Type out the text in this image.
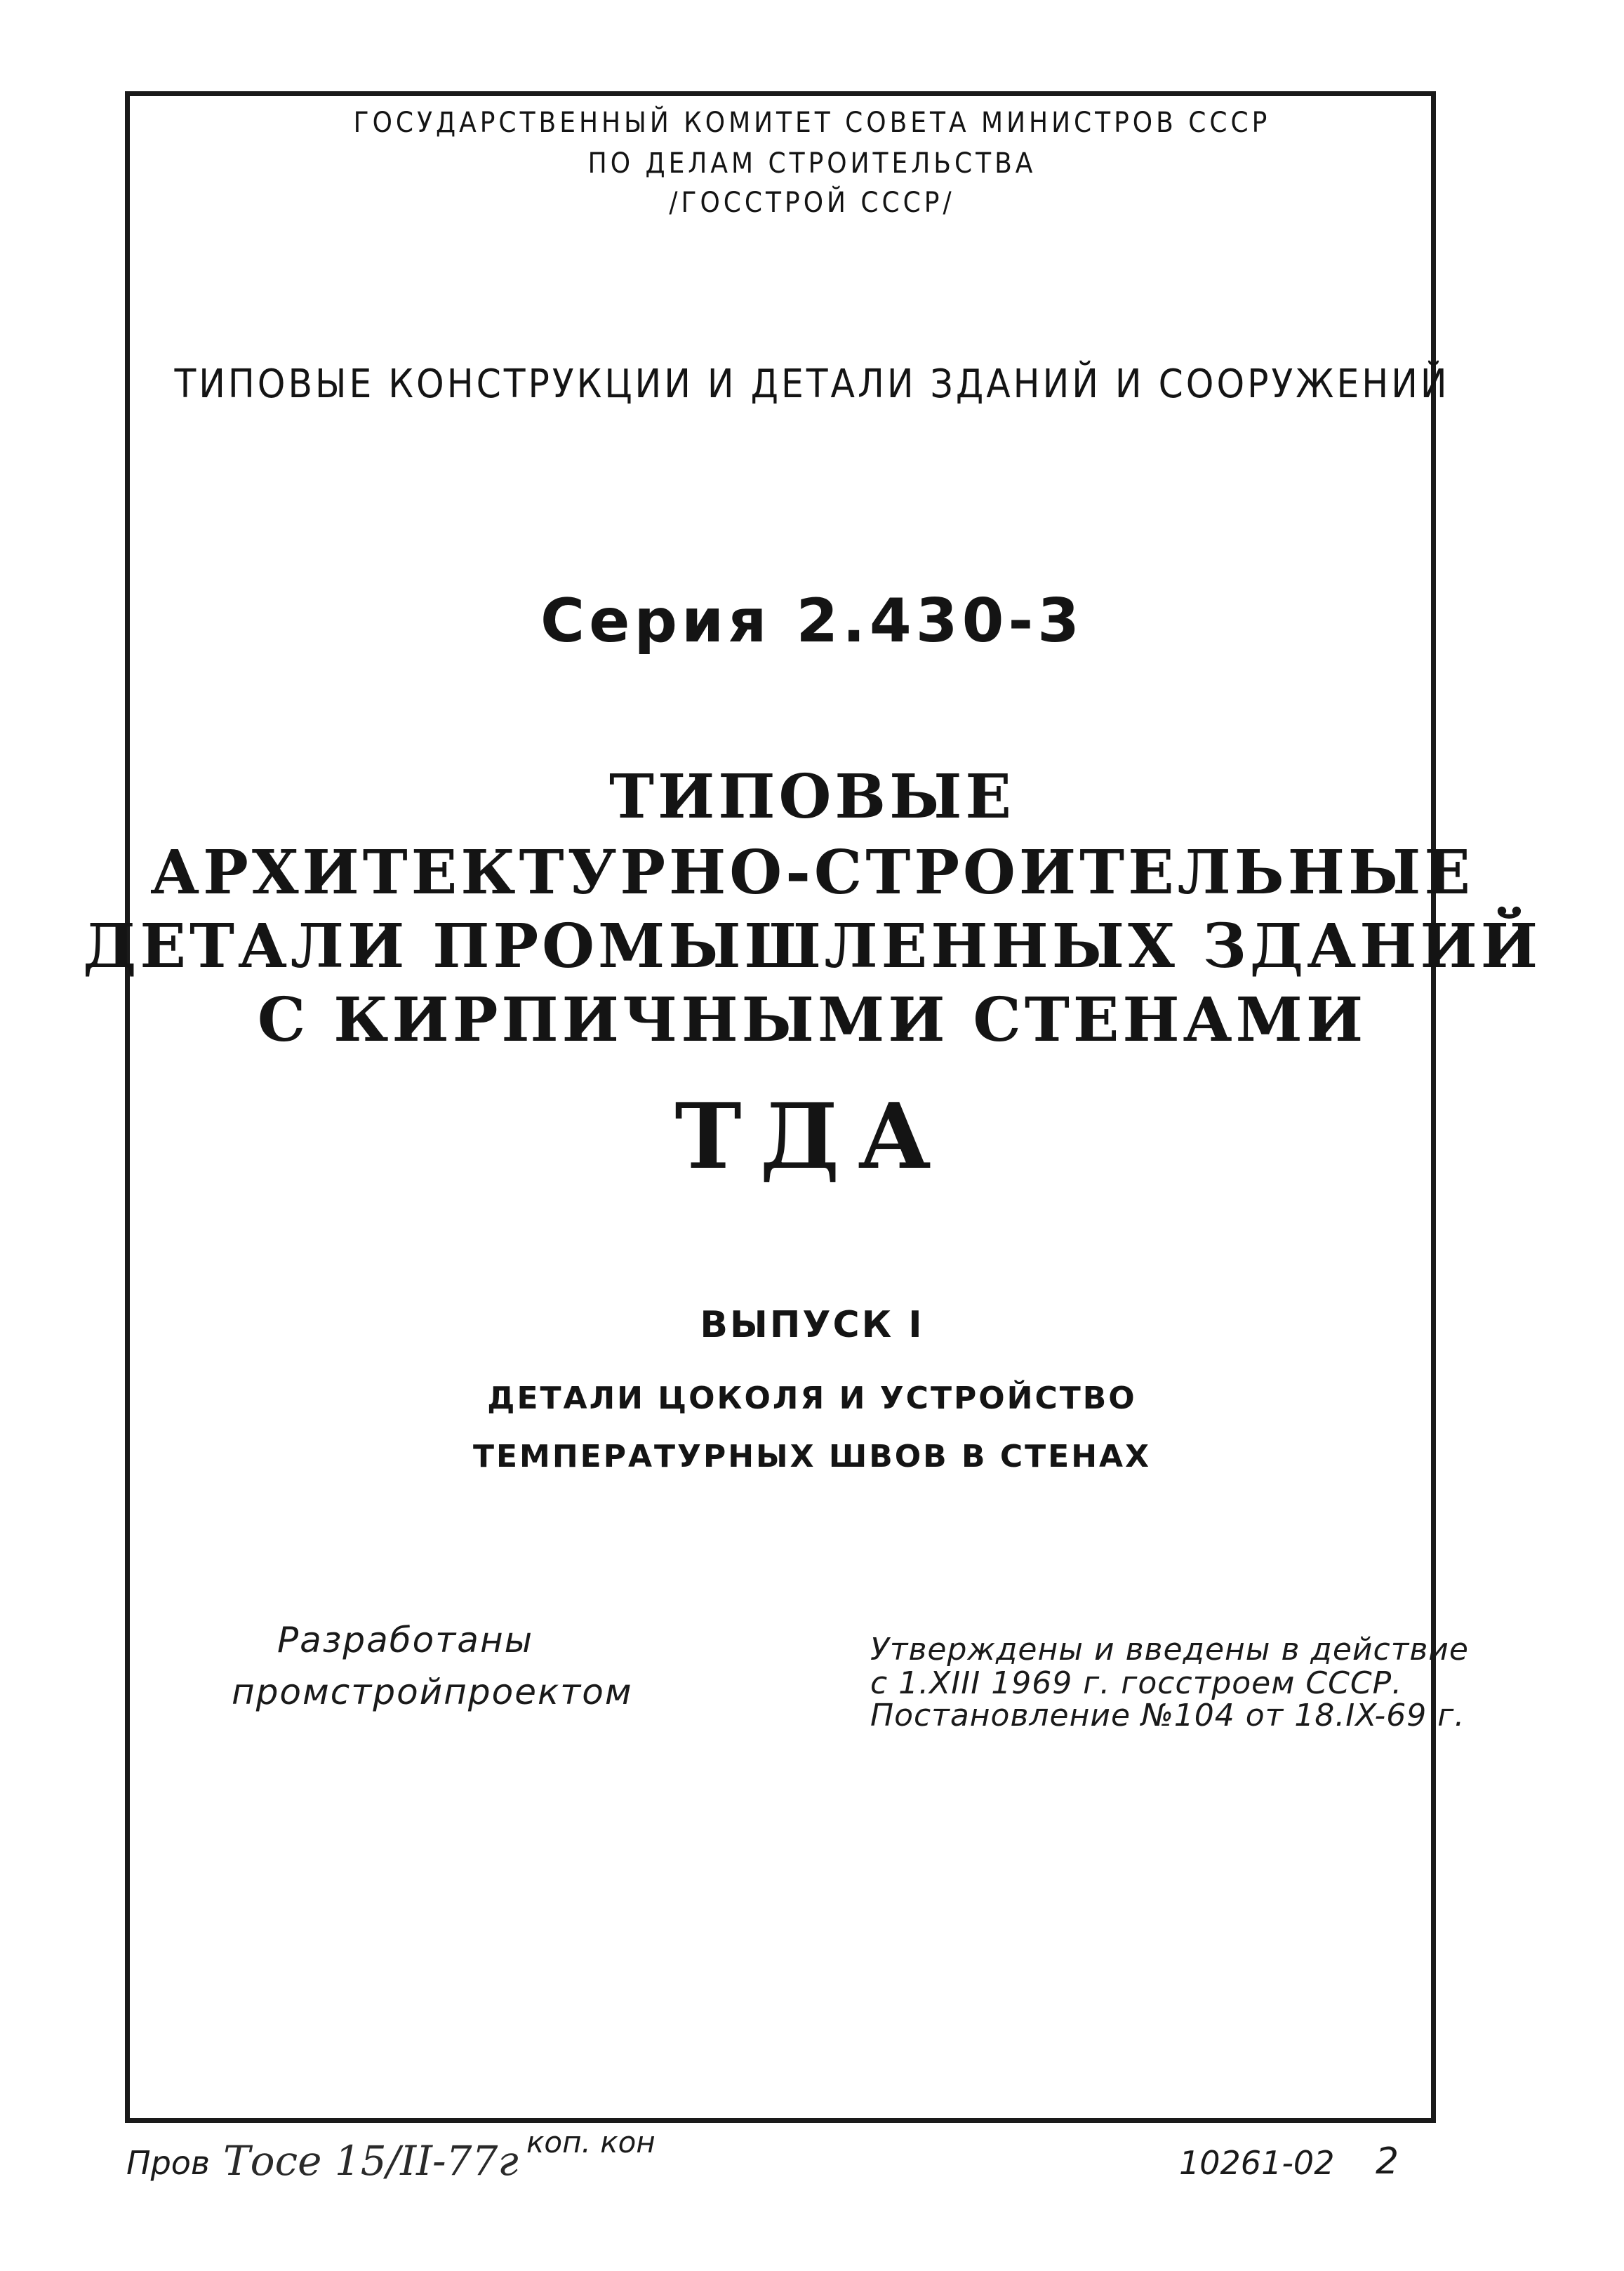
ГОСУДАРСТВЕННЫЙ КОМИТЕТ СОВЕТА МИНИСТРОВ СССР
ПО ДЕЛАМ СТРОИТЕЛЬСТВА
/ГОССТРОЙ СССР/
ТИПОВЫЕ КОНСТРУКЦИИ И ДЕТАЛИ ЗДАНИЙ И СООРУЖЕНИЙ
Серия 2.430-3
ТИПОВЫЕ
АРХИТЕКТУРНО-СТРОИТЕЛЬНЫЕ
ДЕТАЛИ ПРОМЫШЛЕННЫХ ЗДАНИЙ
С КИРПИЧНЫМИ СТЕНАМИ
ТДА
ВЫПУСК I
ДЕТАЛИ ЦОКОЛЯ И УСТРОЙСТВО
ТЕМПЕРАТУРНЫХ ШВОВ В СТЕНАХ
Разработаны
промстройпроектом
Утверждены и введены в действие
с 1.XIII 1969 г. госстроем СССР.
Постановление №104 от 18.IX-69 г.
Пров Тосе 15/II-77г коп. кон
10261-02 2
